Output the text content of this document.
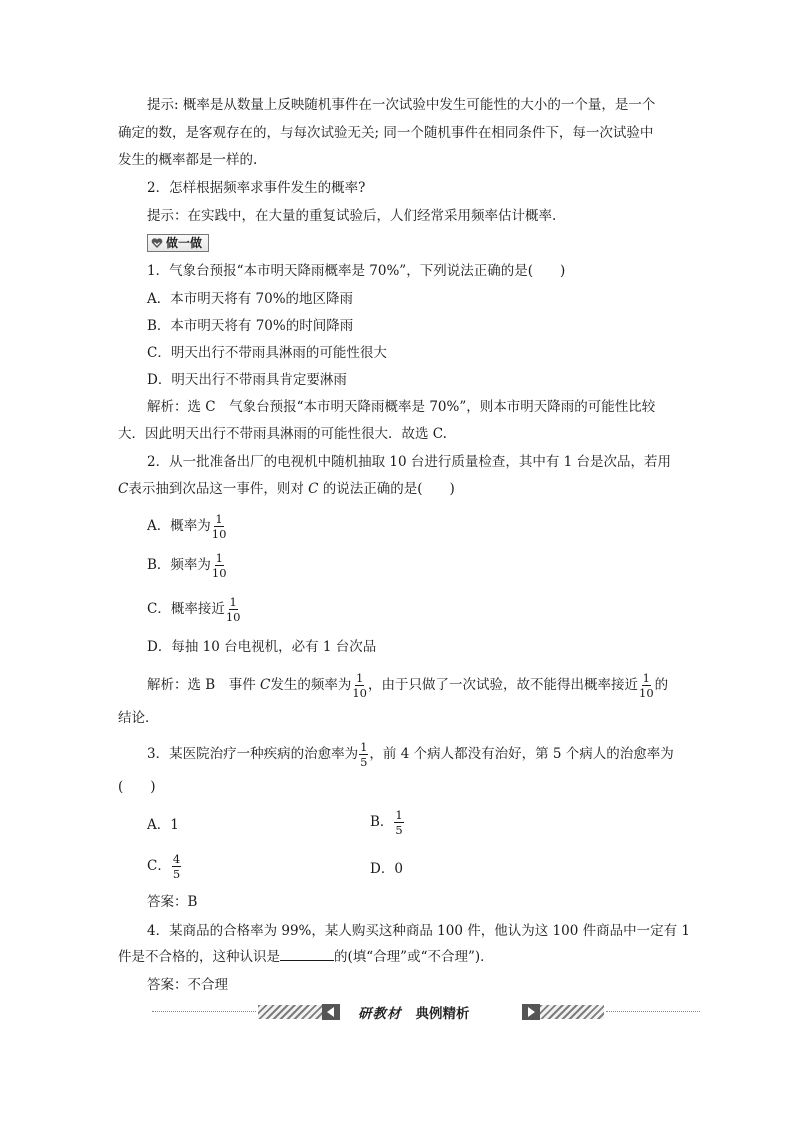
提示: 概率是从数量上反映随机事件在一次试验中发生可能性的大小的一个量，是一个
确定的数，是客观存在的，与每次试验无关; 同一个随机事件在相同条件下，每一次试验中
发生的概率都是一样的.
2．怎样根据频率求事件发生的概率?
提示：在实践中，在大量的重复试验后，人们经常采用频率估计概率.
做一做
1．气象台预报“本市明天降雨概率是 70%”，下列说法正确的是(　　)
A．本市明天将有 70%的地区降雨
B．本市明天将有 70%的时间降雨
C．明天出行不带雨具淋雨的可能性很大
D．明天出行不带雨具肯定要淋雨
解析：选 C　气象台预报“本市明天降雨概率是 70%”，则本市明天降雨的可能性比较
大．因此明天出行不带雨具淋雨的可能性很大．故选 C.
2．从一批准备出厂的电视机中随机抽取 10 台进行质量检查，其中有 1 台是次品，若用
C表示抽到次品这一事件，则对 C 的说法正确的是(　　)
A．概率为 $\frac{1}{10}$
B．频率为 $\frac{1}{10}$
C．概率接近 $\frac{1}{10}$
D．每抽 10 台电视机，必有 1 台次品
解析：选 B　事件 C发生的频率为 $\frac{1}{10}$ ，由于只做了一次试验，故不能得出概率接近 $\frac{1}{10}$ 的
结论．
3．某医院治疗一种疾病的治愈率为 $\frac{1}{5}$ ，前 4 个病人都没有治好，第 5 个病人的治愈率为
(　　)
A．1	B． $\frac{1}{5}$
C． $\frac{4}{5}$	D．0
答案：B
4．某商品的合格率为 99%，某人购买这种商品 100 件，他认为这 100 件商品中一定有 1
件是不合格的，这种认识是	的(填“合理”或“不合理”)．
答案：不合理
研教材 典例精析
